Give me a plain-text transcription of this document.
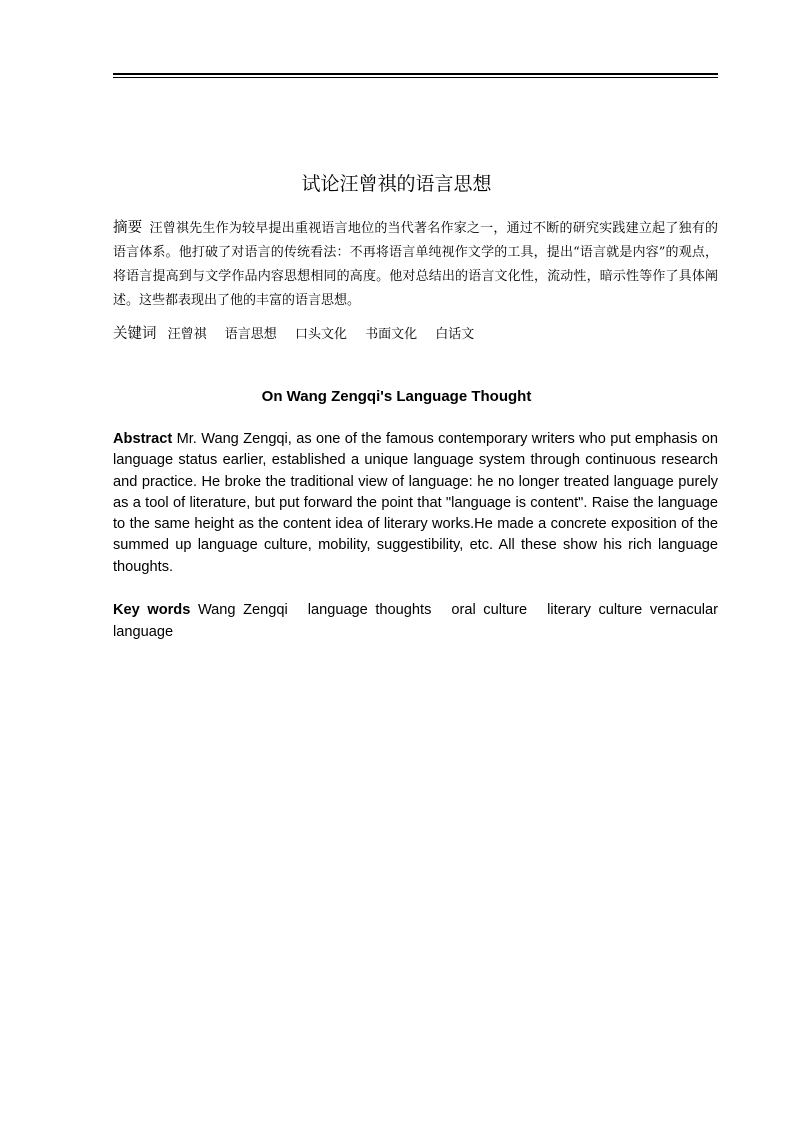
试论汪曾祺的语言思想
摘要 汪曾祺先生作为较早提出重视语言地位的当代著名作家之一，通过不断的研究实践建立起了独有的语言体系。他打破了对语言的传统看法：不再将语言单纯视作文学的工具，提出“语言就是内容”的观点，将语言提高到与文学作品内容思想相同的高度。他对总结出的语言文化性，流动性，暗示性等作了具体阐述。这些都表现出了他的丰富的语言思想。
关键词 汪曾祺 语言思想 口头文化 书面文化 白话文
On Wang Zengqi's Language Thought
Abstract Mr. Wang Zengqi, as one of the famous contemporary writers who put emphasis on language status earlier, established a unique language system through continuous research and practice. He broke the traditional view of language: he no longer treated language purely as a tool of literature, but put forward the point that "language is content". Raise the language to the same height as the content idea of literary works.He made a concrete exposition of the summed up language culture, mobility, suggestibility, etc. All these show his rich language thoughts.
Key words Wang Zengqi language thoughts oral culture literary culture vernacular language
